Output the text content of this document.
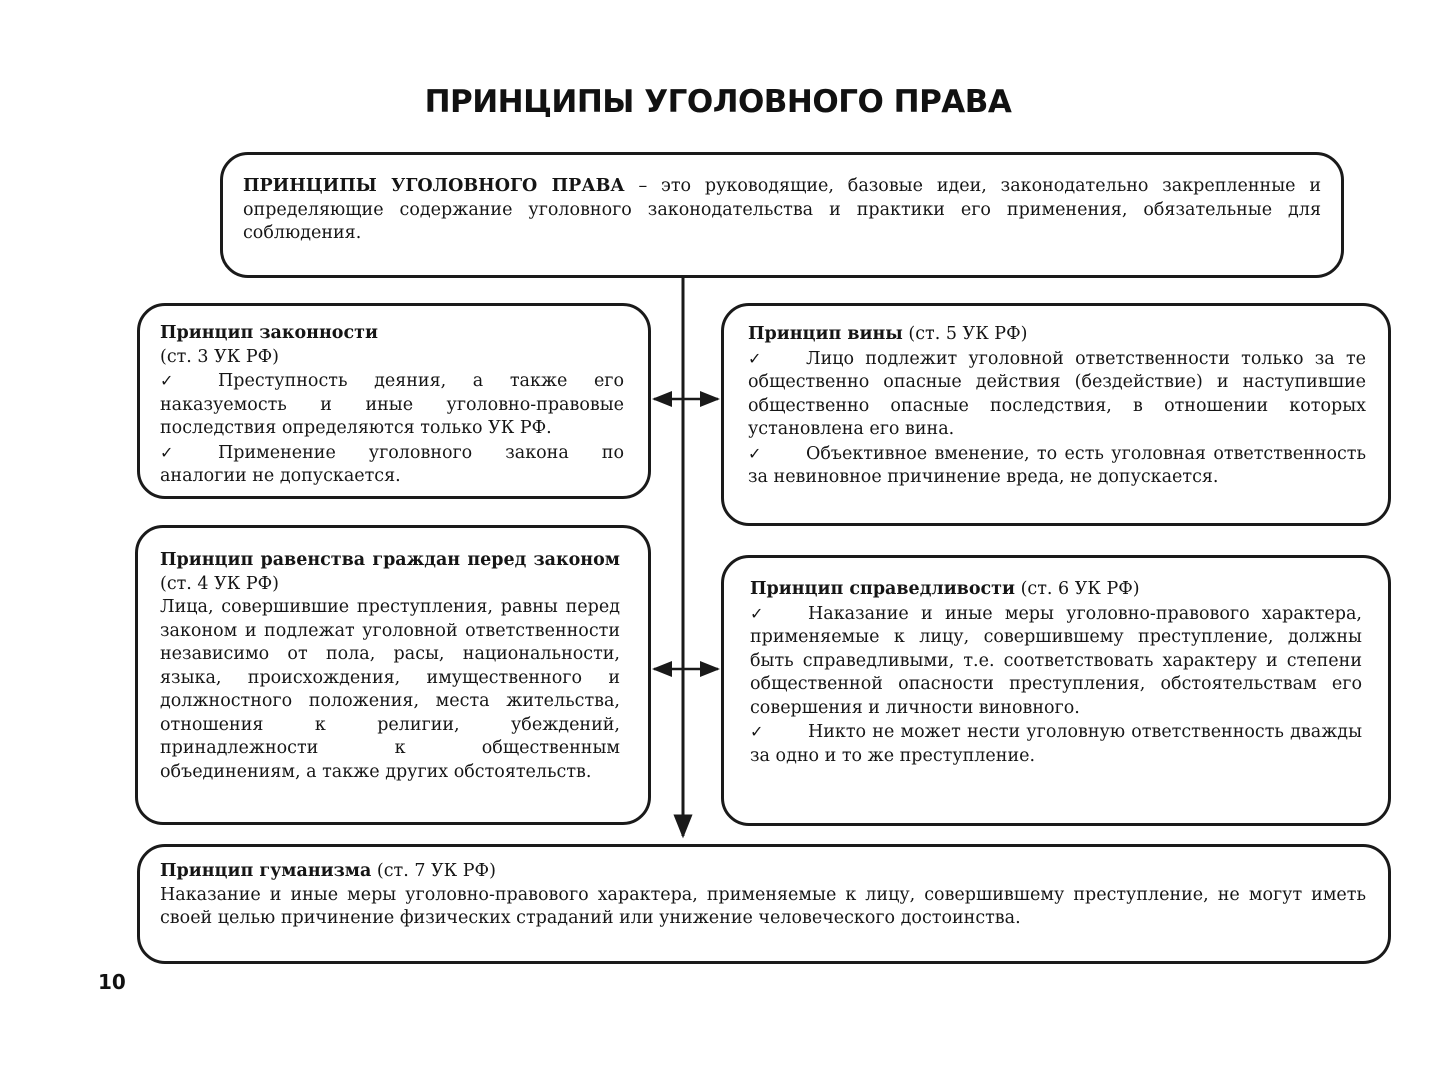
ПРИНЦИПЫ УГОЛОВНОГО ПРАВА

ПРИНЦИПЫ УГОЛОВНОГО ПРАВА – это руководящие, базовые идеи, законодательно закрепленные и определяющие содержание уголовного законодательства и практики его применения, обязательные для соблюдения.

Принцип законности

(ст. 3 УК РФ)

✓	Преступность деяния, а также его наказуемость и иные уголовно-правовые последствия определяются только УК РФ.

✓	Применение уголовного закона по аналогии не допускается.

Принцип вины (ст. 5 УК РФ)

✓	Лицо подлежит уголовной ответственности только за те общественно опасные действия (бездействие) и наступившие общественно опасные последствия, в отношении которых установлена его вина.

✓	Объективное вменение, то есть уголовная ответственность за невиновное причинение вреда, не допускается.

Принцип равенства граждан перед законом (ст. 4 УК РФ)

Лица, совершившие преступления, равны перед законом и подлежат уголовной ответственности независимо от пола, расы, национальности, языка, происхождения, имущественного и должностного положения, места жительства, отношения к религии, убеждений, принадлежности к общественным объединениям, а также других обстоятельств.

Принцип справедливости (ст. 6 УК РФ)

✓	Наказание и иные меры уголовно-правового характера, применяемые к лицу, совершившему преступление, должны быть справедливыми, т.е. соответствовать характеру и степени общественной опасности преступления, обстоятельствам его совершения и личности виновного.

✓	Никто не может нести уголовную ответственность дважды за одно и то же преступление.

Принцип гуманизма (ст. 7 УК РФ)

Наказание и иные меры уголовно-правового характера, применяемые к лицу, совершившему преступление, не могут иметь своей целью причинение физических страданий или унижение человеческого достоинства.

10
